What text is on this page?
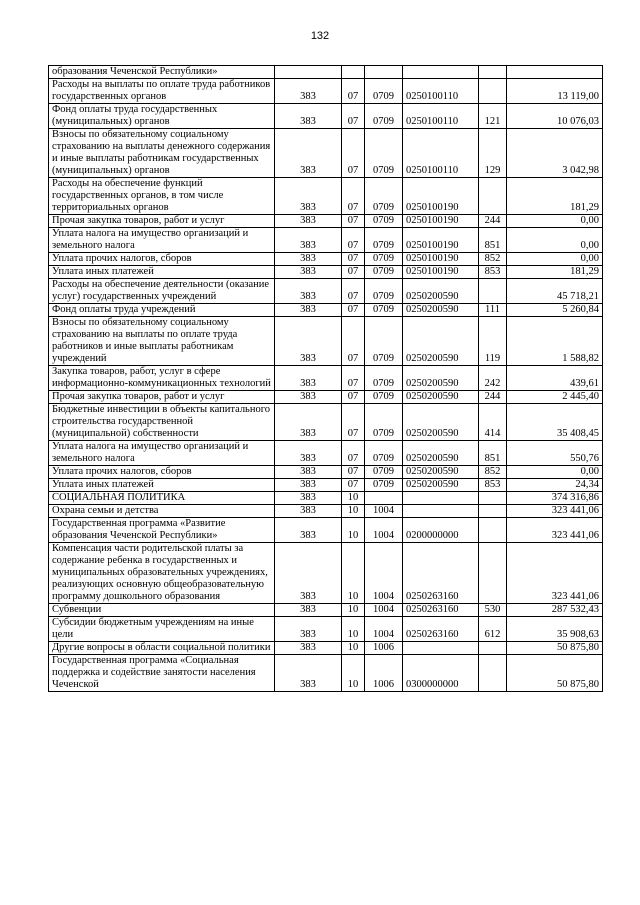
132
образования Чеченской Республики»						
Расходы на выплаты по оплате труда работников государственных органов	383	07	0709	0250100110		13 119,00
Фонд оплаты труда государственных (муниципальных) органов	383	07	0709	0250100110	121	10 076,03
Взносы по обязательному социальному страхованию на выплаты денежного содержания и иные выплаты работникам государственных (муниципальных) органов	383	07	0709	0250100110	129	3 042,98
Расходы на обеспечение функций государственных органов, в том числе территориальных органов	383	07	0709	0250100190		181,29
Прочая закупка товаров, работ и услуг	383	07	0709	0250100190	244	0,00
Уплата налога на имущество организаций и земельного налога	383	07	0709	0250100190	851	0,00
Уплата прочих налогов, сборов	383	07	0709	0250100190	852	0,00
Уплата иных платежей	383	07	0709	0250100190	853	181,29
Расходы на обеспечение деятельности (оказание услуг) государственных учреждений	383	07	0709	0250200590		45 718,21
Фонд оплаты труда учреждений	383	07	0709	0250200590	111	5 260,84
Взносы по обязательному социальному страхованию на выплаты по оплате труда работников и иные выплаты работникам учреждений	383	07	0709	0250200590	119	1 588,82
Закупка товаров, работ, услуг в сфере информационно-коммуникационных технологий	383	07	0709	0250200590	242	439,61
Прочая закупка товаров, работ и услуг	383	07	0709	0250200590	244	2 445,40
Бюджетные инвестиции в объекты капитального строительства государственной (муниципальной) собственности	383	07	0709	0250200590	414	35 408,45
Уплата налога на имущество организаций и земельного налога	383	07	0709	0250200590	851	550,76
Уплата прочих налогов, сборов	383	07	0709	0250200590	852	0,00
Уплата иных платежей	383	07	0709	0250200590	853	24,34
СОЦИАЛЬНАЯ ПОЛИТИКА	383	10				374 316,86
Охрана семьи и детства	383	10	1004			323 441,06
Государственная программа «Развитие образования Чеченской Республики»	383	10	1004	0200000000		323 441,06
Компенсация части родительской платы за содержание ребенка в государственных и муниципальных образовательных учреждениях, реализующих основную общеобразовательную программу дошкольного образования	383	10	1004	0250263160		323 441,06
Субвенции	383	10	1004	0250263160	530	287 532,43
Субсидии бюджетным учреждениям на иные цели	383	10	1004	0250263160	612	35 908,63
Другие вопросы в области социальной политики	383	10	1006			50 875,80
Государственная программа «Социальная поддержка и содействие занятости населения Чеченской	383	10	1006	0300000000		50 875,80
